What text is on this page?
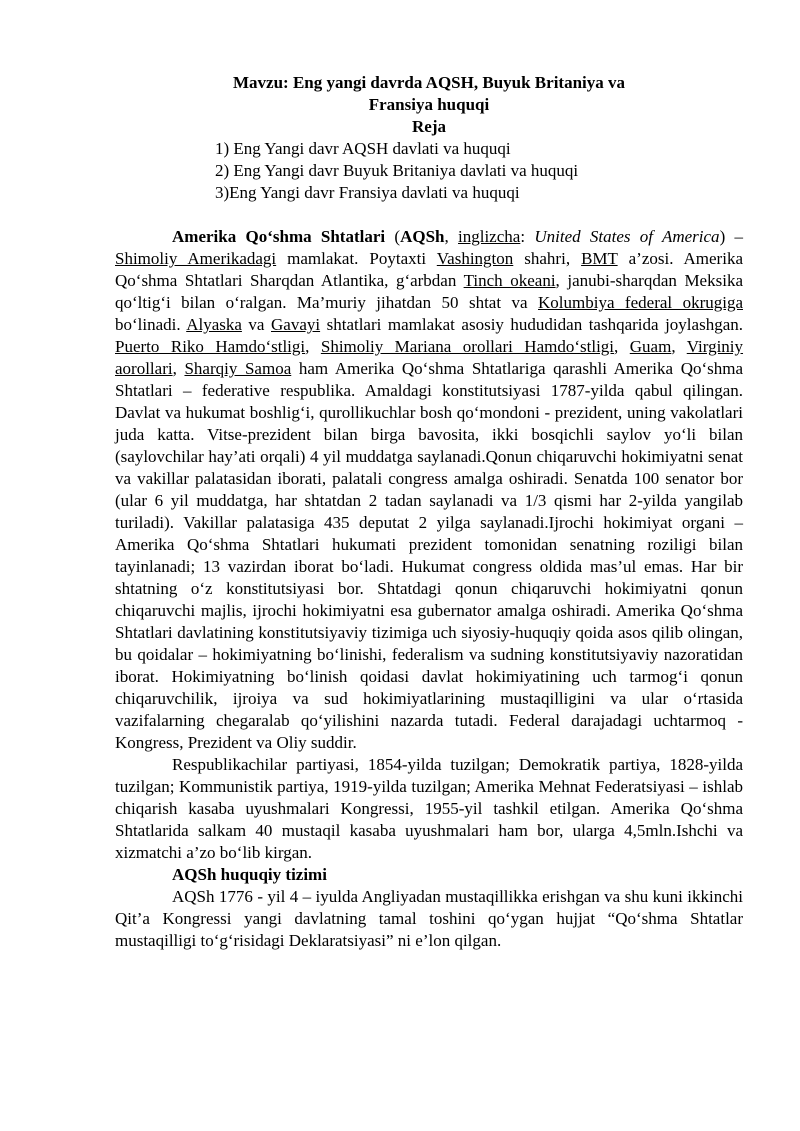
Mavzu: Eng yangi davrda AQSH, Buyuk Britaniya va

Fransiya huquqi

Reja

1) Eng Yangi davr AQSH davlati va huquqi
2) Eng Yangi davr Buyuk Britaniya davlati va huquqi
3)Eng Yangi davr Fransiya davlati va huquqi

Amerika Qo‘shma Shtatlari (AQSh, inglizcha: United States of America) – Shimoliy Amerikadagi mamlakat. Poytaxti Vashington shahri, BMT a’zosi. Amerika Qo‘shma Shtatlari Sharqdan Atlantika, g‘arbdan Tinch okeani, janubi-sharqdan Meksika qo‘ltig‘i bilan o‘ralgan. Ma’muriy jihatdan 50 shtat va Kolumbiya federal okrugiga bo‘linadi. Alyaska va Gavayi shtatlari mamlakat asosiy hududidan tashqarida joylashgan. Puerto Riko Hamdo‘stligi, Shimoliy Mariana orollari Hamdo‘stligi, Guam, Virginiy aorollari, Sharqiy Samoa ham Amerika Qo‘shma Shtatlariga qarashli Amerika Qo‘shma Shtatlari – federative respublika. Amaldagi konstitutsiyasi 1787-yilda qabul qilingan. Davlat va hukumat boshlig‘i, qurollikuchlar bosh qo‘mondoni - prezident, uning vakolatlari juda katta. Vitse-prezident bilan birga bavosita, ikki bosqichli saylov yo‘li bilan (saylovchilar hay’ati orqali) 4 yil muddatga saylanadi.Qonun chiqaruvchi hokimiyatni senat va vakillar palatasidan iborati, palatali congress amalga oshiradi. Senatda 100 senator bor (ular 6 yil muddatga, har shtatdan 2 tadan saylanadi va 1/3 qismi har 2-yilda yangilab turiladi). Vakillar palatasiga 435 deputat 2 yilga saylanadi.Ijrochi hokimiyat organi – Amerika Qo‘shma Shtatlari hukumati prezident tomonidan senatning roziligi bilan tayinlanadi; 13 vazirdan iborat bo‘ladi. Hukumat congress oldida mas’ul emas. Har bir shtatning o‘z konstitutsiyasi bor. Shtatdagi qonun chiqaruvchi hokimiyatni qonun chiqaruvchi majlis, ijrochi hokimiyatni esa gubernator amalga oshiradi. Amerika Qo‘shma Shtatlari davlatining konstitutsiyaviy tizimiga uch siyosiy-huquqiy qoida asos qilib olingan, bu qoidalar – hokimiyatning bo‘linishi, federalism va sudning konstitutsiyaviy nazoratidan iborat. Hokimiyatning bo‘linish qoidasi davlat hokimiyatining uch tarmog‘i qonun chiqaruvchilik, ijroiya va sud hokimiyatlarining mustaqilligini va ular o‘rtasida vazifalarning chegaralab qo‘yilishini nazarda tutadi. Federal darajadagi uchtarmoq - Kongress, Prezident va Oliy suddir.

Respublikachilar partiyasi, 1854-yilda tuzilgan; Demokratik partiya, 1828-yilda tuzilgan; Kommunistik partiya, 1919-yilda tuzilgan; Amerika Mehnat Federatsiyasi – ishlab chiqarish kasaba uyushmalari Kongressi, 1955-yil tashkil etilgan. Amerika Qo‘shma Shtatlarida salkam 40 mustaqil kasaba uyushmalari ham bor, ularga 4,5mln.Ishchi va xizmatchi a’zo bo‘lib kirgan.

AQSh huquqiy tizimi

AQSh 1776 - yil 4 – iyulda Angliyadan mustaqillikka erishgan va shu kuni ikkinchi Qit’a Kongressi yangi davlatning tamal toshini qo‘ygan hujjat “Qo‘shma Shtatlar mustaqilligi to‘g‘risidagi Deklaratsiyasi” ni e’lon qilgan.
